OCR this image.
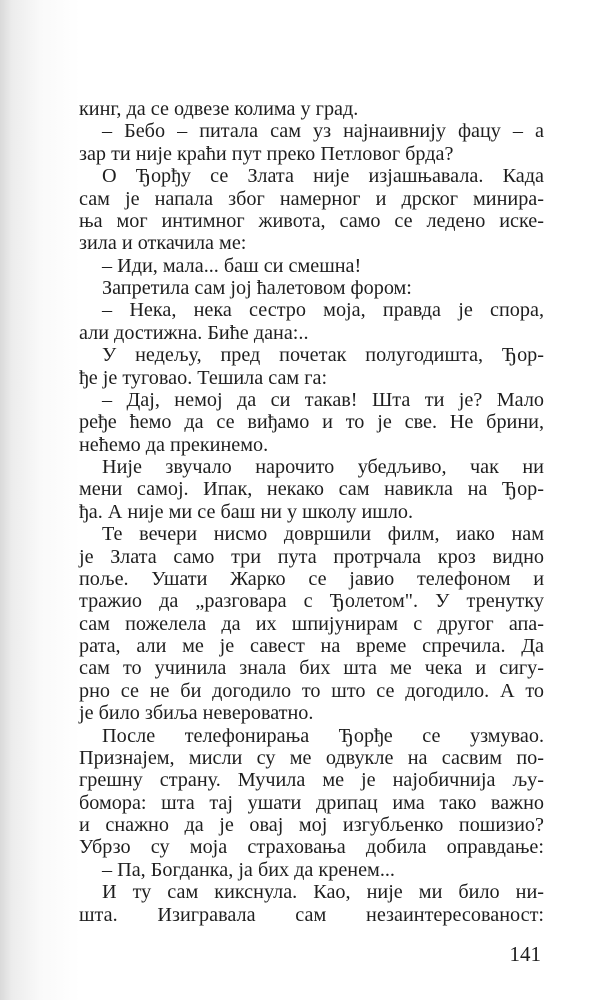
кинг, да се одвезе колима у град.
– Бебо – питала сам уз најнаивнију фацу – а
зар ти није краћи пут преко Петловог брда?
О Ђорђу се Злата није изјашњавала. Када
сам је напала због намерног и дрског минира-
ња мог интимног живота, само се ледено иске-
зила и откачила ме:
– Иди, мала... баш си смешна!
Запретила сам јој ћалетовом фором:
– Нека, нека сестро моја, правда је спора,
али достижна. Биће дана:..
У недељу, пред почетак полугодишта, Ђор-
ђе је туговао. Тешила сам га:
– Дај, немој да си такав! Шта ти је? Мало
ређе ћемо да се виђамо и то је све. Не брини,
нећемо да прекинемо.
Није звучало нарочито убедљиво, чак ни
мени самој. Ипак, некако сам навикла на Ђор-
ђа. А није ми се баш ни у школу ишло.
Те вечери нисмо довршили филм, иако нам
је Злата само три пута протрчала кроз видно
поље. Ушати Жарко се јавио телефоном и
тражио да „разговара с Ђолетом". У тренутку
сам пожелела да их шпијунирам с другог апа-
рата, али ме је савест на време спречила. Да
сам то учинила знала бих шта ме чека и сигу-
рно се не би догодило то што се догодило. А то
је било збиља невероватно.
После телефонирања Ђорђе се узмувао.
Признајем, мисли су ме одвукле на сасвим по-
грешну страну. Мучила ме је најобичнија љу-
бомора: шта тај ушати дрипац има тако важно
и снажно да је овај мој изгубљенко пошизио?
Убрзо су моја страховања добила оправдање:
– Па, Богданка, ја бих да кренем...
И ту сам кикснула. Као, није ми било ни-
шта. Изигравала сам незаинтересованост:
141
